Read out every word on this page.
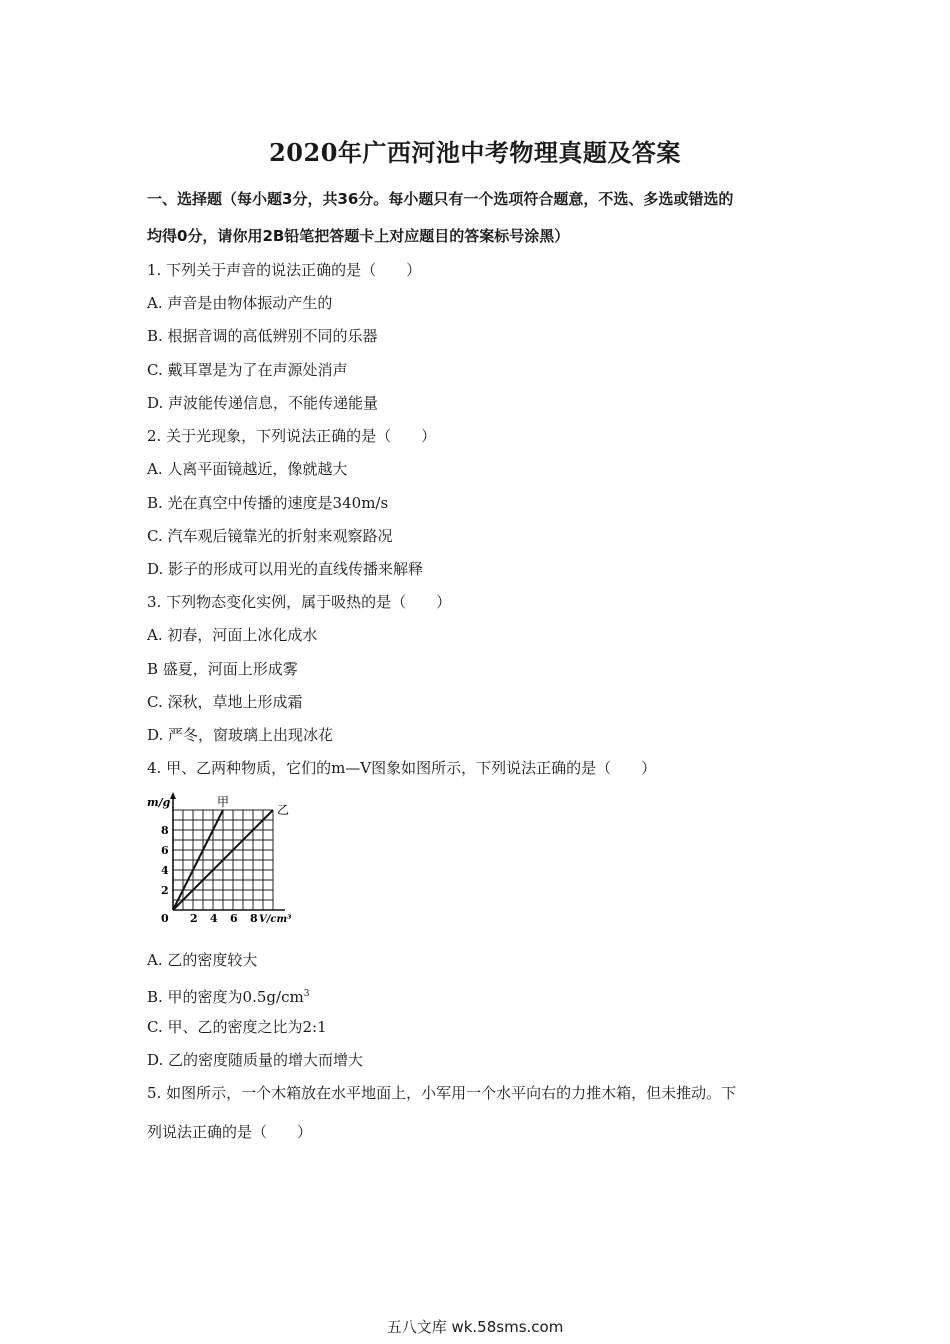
2020年广西河池中考物理真题及答案
一、选择题（每小题3分，共36分。每小题只有一个选项符合题意，不选、多选或错选的
均得0分，请你用2B铅笔把答题卡上对应题目的答案标号涂黑）
1. 下列关于声音的说法正确的是（　　）
A. 声音是由物体振动产生的
B. 根据音调的高低辨别不同的乐器
C. 戴耳罩是为了在声源处消声
D. 声波能传递信息，不能传递能量
2. 关于光现象，下列说法正确的是（　　）
A. 人离平面镜越近，像就越大
B. 光在真空中传播的速度是340m/s
C. 汽车观后镜靠光的折射来观察路况
D. 影子的形成可以用光的直线传播来解释
3. 下列物态变化实例，属于吸热的是（　　）
A. 初春，河面上冰化成水
B 盛夏，河面上形成雾
C. 深秋，草地上形成霜
D. 严冬，窗玻璃上出现冰花
4. 甲、乙两种物质，它们的m—V图象如图所示，下列说法正确的是（　　）
m/g
V/cm³
0
2
4
6
8
2 4 6 8
甲
乙
A. 乙的密度较大
B. 甲的密度为$0.5g/cm^3$
C. 甲、乙的密度之比为2:1
D. 乙的密度随质量的增大而增大
5. 如图所示，一个木箱放在水平地面上，小军用一个水平向右的力推木箱，但未推动。下
列说法正确的是（　　）
五八文库 wk.58sms.com
